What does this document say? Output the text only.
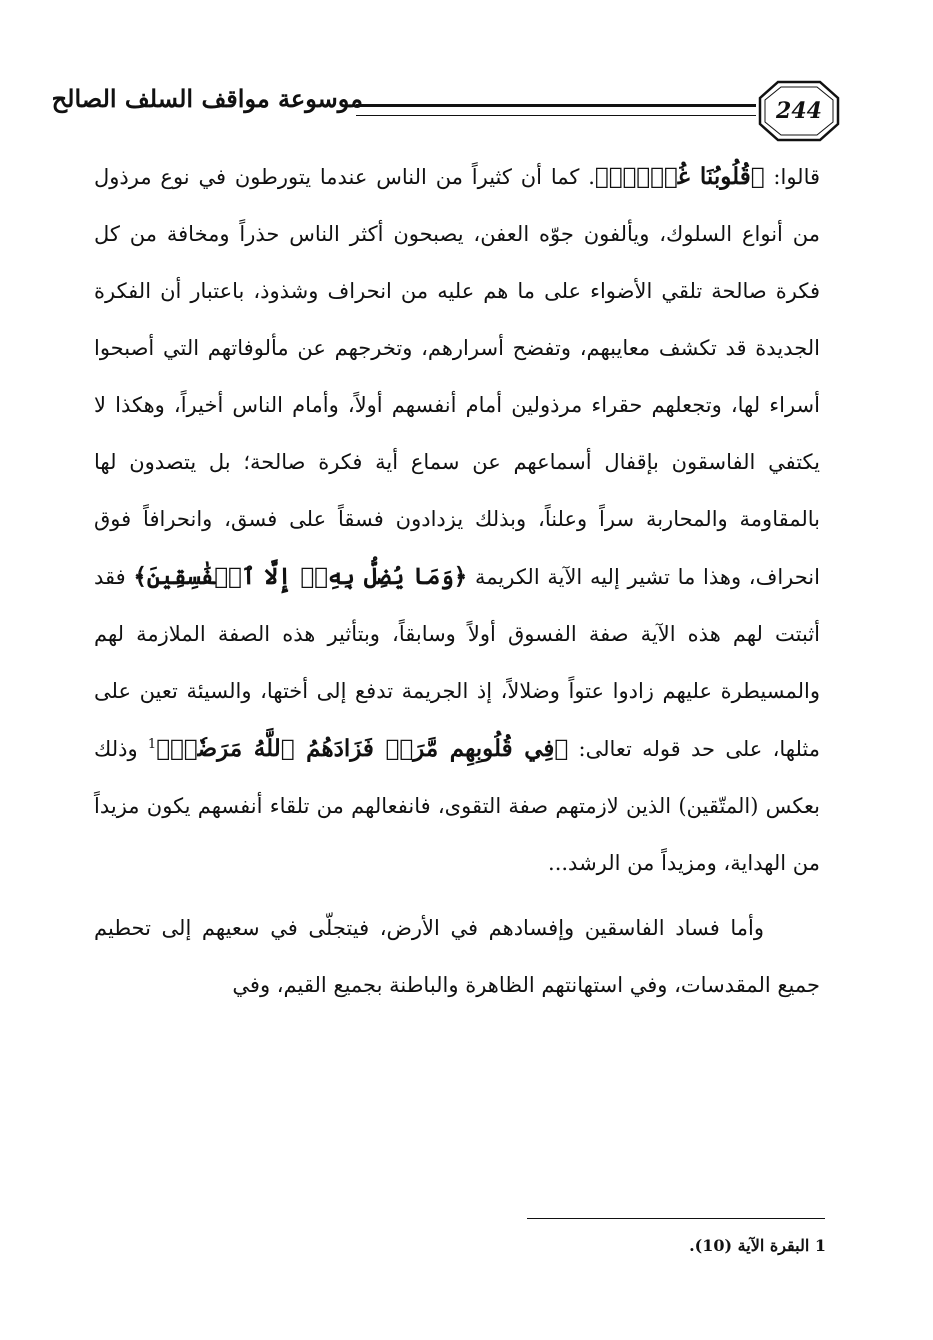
موسوعة مواقف السلف الصالح	244

قالوا: ﴿قُلُوبُنَا غُلۡفُۢ﴾. كما أن كثيراً من الناس عندما يتورطون في نوع مرذول من أنواع السلوك، ويألفون جوّه العفن، يصبحون أكثر الناس حذراً ومخافة من كل فكرة صالحة تلقي الأضواء على ما هم عليه من انحراف وشذوذ، باعتبار أن الفكرة الجديدة قد تكشف معايبهم، وتفضح أسرارهم، وتخرجهم عن مألوفاتهم التي أصبحوا أسراء لها، وتجعلهم حقراء مرذولين أمام أنفسهم أولاً، وأمام الناس أخيراً، وهكذا لا يكتفي الفاسقون بإقفال أسماعهم عن سماع أية فكرة صالحة؛ بل يتصدون لها بالمقاومة والمحاربة سراً وعلناً، وبذلك يزدادون فسقاً على فسق، وانحرافاً فوق انحراف، وهذا ما تشير إليه الآية الكريمة ﴿وَمَا يُضِلُّ بِهِۦٓ إِلَّا ٱلۡفَٰسِقِينَ﴾ فقد أثبتت لهم هذه الآية صفة الفسوق أولاً وسابقاً، وبتأثير هذه الصفة الملازمة لهم والمسيطرة عليهم زادوا عتواً وضلالاً، إذ الجريمة تدفع إلى أختها، والسيئة تعين على مثلها، على حد قوله تعالى: ﴿فِي قُلُوبِهِم مَّرَضٞ فَزَادَهُمُ ٱللَّهُ مَرَضٗاۖ﴾$^1$ وذلك بعكس (المتّقين) الذين لازمتهم صفة التقوى، فانفعالهم من تلقاء أنفسهم يكون مزيداً من الهداية، ومزيداً من الرشد...

وأما فساد الفاسقين وإفسادهم في الأرض، فيتجلّى في سعيهم إلى تحطيم جميع المقدسات، وفي استهانتهم الظاهرة والباطنة بجميع القيم، وفي

1 البقرة الآية (10).
